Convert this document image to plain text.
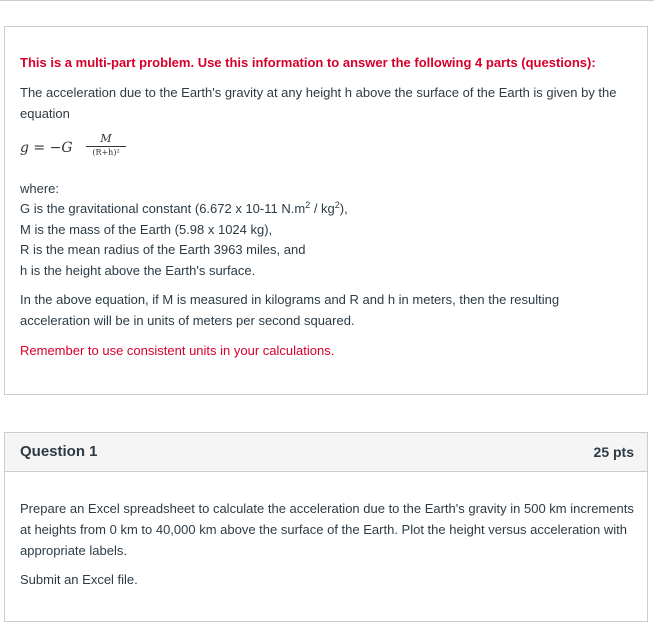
This is a multi-part problem. Use this information to answer the following 4 parts (questions):

The acceleration due to the Earth's gravity at any height h above the surface of the Earth is given by the equation

g = −G
M
(R+h)²

where:

G is the gravitational constant (6.672 x 10-11 $N.m^2 / kg^2$),

M is the mass of the Earth (5.98 x 1024 kg),

R is the mean radius of the Earth 3963 miles, and

h is the height above the Earth's surface.

In the above equation, if M is measured in kilograms and R and h in meters, then the resulting acceleration will be in units of meters per second squared.

Remember to use consistent units in your calculations.

Question 1	25 pts

Prepare an Excel spreadsheet to calculate the acceleration due to the Earth's gravity in 500 km increments at heights from 0 km to 40,000 km above the surface of the Earth. Plot the height versus acceleration with appropriate labels.

Submit an Excel file.
